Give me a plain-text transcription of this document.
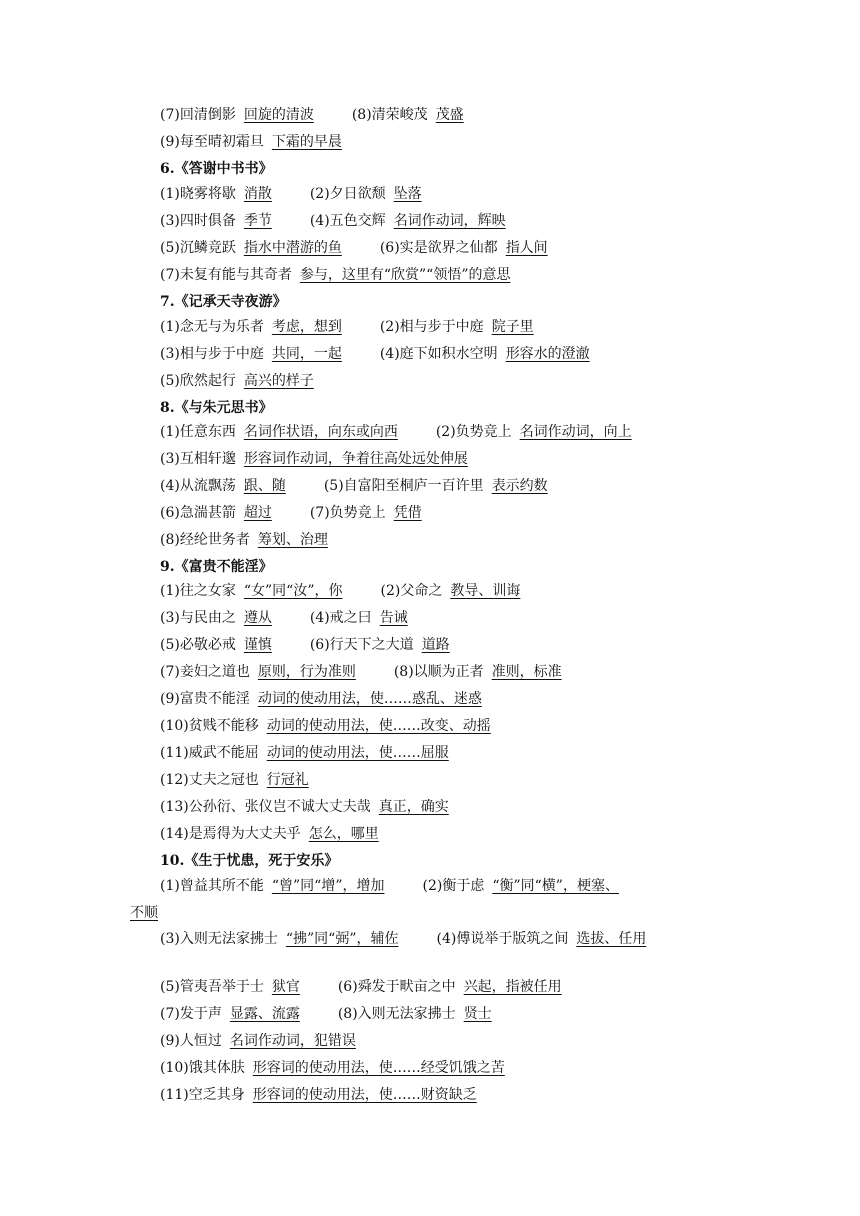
(7)回清倒影 回旋的清波	(8)清荣峻茂 茂盛
(9)每至晴初霜旦 下霜的早晨
6.《答谢中书书》
(1)晓雾将歇 消散	(2)夕日欲颓 坠落
(3)四时俱备 季节	(4)五色交辉 名词作动词，辉映
(5)沉鳞竞跃 指水中潜游的鱼	(6)实是欲界之仙都 指人间
(7)未复有能与其奇者 参与，这里有“欣赏”“领悟”的意思
7.《记承天寺夜游》
(1)念无与为乐者 考虑，想到	(2)相与步于中庭 院子里
(3)相与步于中庭 共同，一起	(4)庭下如积水空明 形容水的澄澈
(5)欣然起行 高兴的样子
8.《与朱元思书》
(1)任意东西 名词作状语，向东或向西	(2)负势竞上 名词作动词，向上
(3)互相轩邈 形容词作动词，争着往高处远处伸展
(4)从流飘荡 跟、随	(5)自富阳至桐庐一百许里 表示约数
(6)急湍甚箭 超过	(7)负势竞上 凭借
(8)经纶世务者 筹划、治理
9.《富贵不能淫》
(1)往之女家 “女”同“汝”，你	(2)父命之 教导、训诲
(3)与民由之 遵从	(4)戒之曰 告诫
(5)必敬必戒 谨慎	(6)行天下之大道 道路
(7)妾妇之道也 原则，行为准则	(8)以顺为正者 准则，标准
(9)富贵不能淫 动词的使动用法，使……惑乱、迷惑
(10)贫贱不能移 动词的使动用法，使……改变、动摇
(11)威武不能屈 动词的使动用法，使……屈服
(12)丈夫之冠也 行冠礼
(13)公孙衍、张仪岂不诚大丈夫哉 真正，确实
(14)是焉得为大丈夫乎 怎么，哪里
10.《生于忧患，死于安乐》
(1)曾益其所不能 “曾”同“增”，增加	(2)衡于虑 “衡”同“横”，梗塞、
不顺
(3)入则无法家拂士 “拂”同“弼”，辅佐	(4)傅说举于版筑之间 选拔、任用
(5)管夷吾举于士 狱官	(6)舜发于畎亩之中 兴起，指被任用
(7)发于声 显露、流露	(8)入则无法家拂士 贤士
(9)人恒过 名词作动词，犯错误
(10)饿其体肤 形容词的使动用法，使……经受饥饿之苦
(11)空乏其身 形容词的使动用法，使……财资缺乏
